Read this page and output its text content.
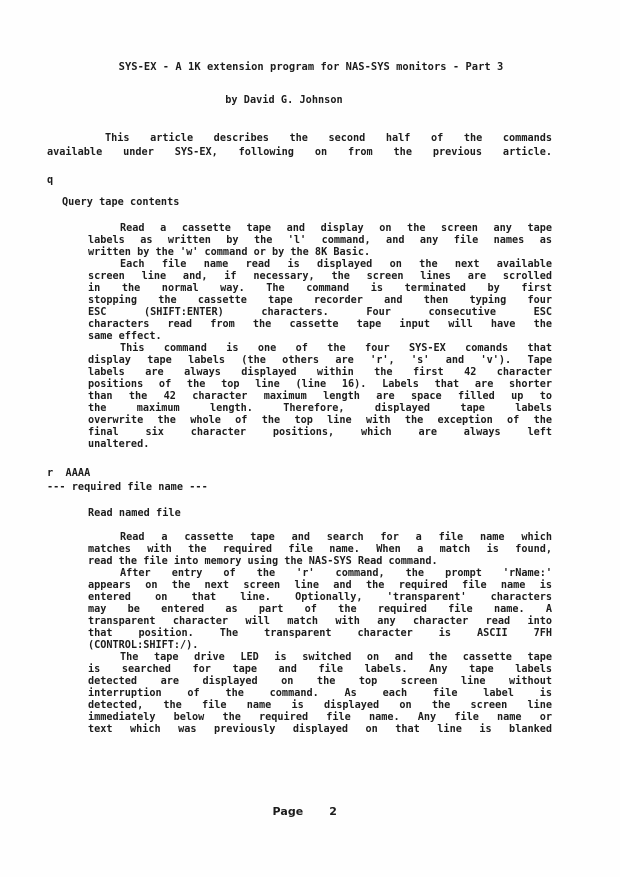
SYS-EX - A 1K extension program for NAS-SYS monitors - Part 3
by David G. Johnson
This article describes the second half of the commands
available under SYS-EX, following on from the previous article.
q
Query tape contents
Read a cassette tape and display on the screen any tape
labels as written by the 'l' command, and any file names as
written by the 'w' command or by the 8K Basic.
Each file name read is displayed on the next available
screen line and, if necessary, the screen lines are scrolled
in the normal way. The command is terminated by first
stopping the cassette tape recorder and then typing four
ESC (SHIFT:ENTER) characters. Four consecutive ESC
characters read from the cassette tape input will have the
same effect.
This command is one of the four SYS-EX comands that
display tape labels (the others are 'r', 's' and 'v'). Tape
labels are always displayed within the first 42 character
positions of the top line (line 16). Labels that are shorter
than the 42 character maximum length are space filled up to
the maximum length. Therefore, displayed tape labels
overwrite the whole of the top line with the exception of the
final six character positions, which are always left
unaltered.
r  AAAA
--- required file name ---
Read named file
Read a cassette tape and search for a file name which
matches with the required file name. When a match is found,
read the file into memory using the NAS-SYS Read command.
After entry of the 'r' command, the prompt 'rName:'
appears on the next screen line and the required file name is
entered on that line. Optionally, 'transparent' characters
may be entered as part of the required file name. A
transparent character will match with any character read into
that position. The transparent character is ASCII 7FH
(CONTROL:SHIFT:/).
The tape drive LED is switched on and the cassette tape
is searched for tape and file labels. Any tape labels
detected are displayed on the top screen line without
interruption of the command. As each file label is
detected, the file name is displayed on the screen line
immediately below the required file name. Any file name or
text which was previously displayed on that line is blanked

Page 2
